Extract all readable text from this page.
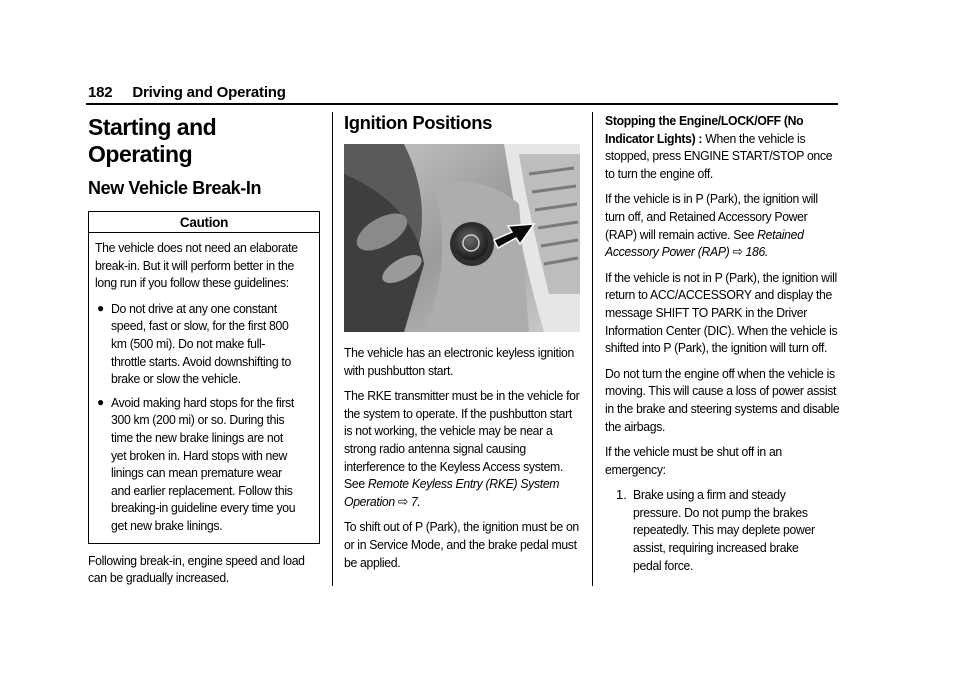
182 Driving and Operating
Starting and Operating
New Vehicle Break-In
Caution

The vehicle does not need an elaborate break-in. But it will perform better in the long run if you follow these guidelines:

● Do not drive at any one constant speed, fast or slow, for the first 800 km (500 mi). Do not make full-throttle starts. Avoid downshifting to brake or slow the vehicle.

● Avoid making hard stops for the first 300 km (200 mi) or so. During this time the new brake linings are not yet broken in. Hard stops with new linings can mean premature wear and earlier replacement. Follow this breaking-in guideline every time you get new brake linings.

Following break-in, engine speed and load can be gradually increased.

Ignition Positions

The vehicle has an electronic keyless ignition with pushbutton start.

The RKE transmitter must be in the vehicle for the system to operate. If the pushbutton start is not working, the vehicle may be near a strong radio antenna signal causing interference to the Keyless Access system. See Remote Keyless Entry (RKE) System Operation ⇨ 7.

To shift out of P (Park), the ignition must be on or in Service Mode, and the brake pedal must be applied.

Stopping the Engine/LOCK/OFF (No Indicator Lights) : When the vehicle is stopped, press ENGINE START/STOP once to turn the engine off.

If the vehicle is in P (Park), the ignition will turn off, and Retained Accessory Power (RAP) will remain active. See Retained Accessory Power (RAP) ⇨ 186.

If the vehicle is not in P (Park), the ignition will return to ACC/ACCESSORY and display the message SHIFT TO PARK in the Driver Information Center (DIC). When the vehicle is shifted into P (Park), the ignition will turn off.

Do not turn the engine off when the vehicle is moving. This will cause a loss of power assist in the brake and steering systems and disable the airbags.

If the vehicle must be shut off in an emergency:

1. Brake using a firm and steady pressure. Do not pump the brakes repeatedly. This may deplete power assist, requiring increased brake pedal force.
